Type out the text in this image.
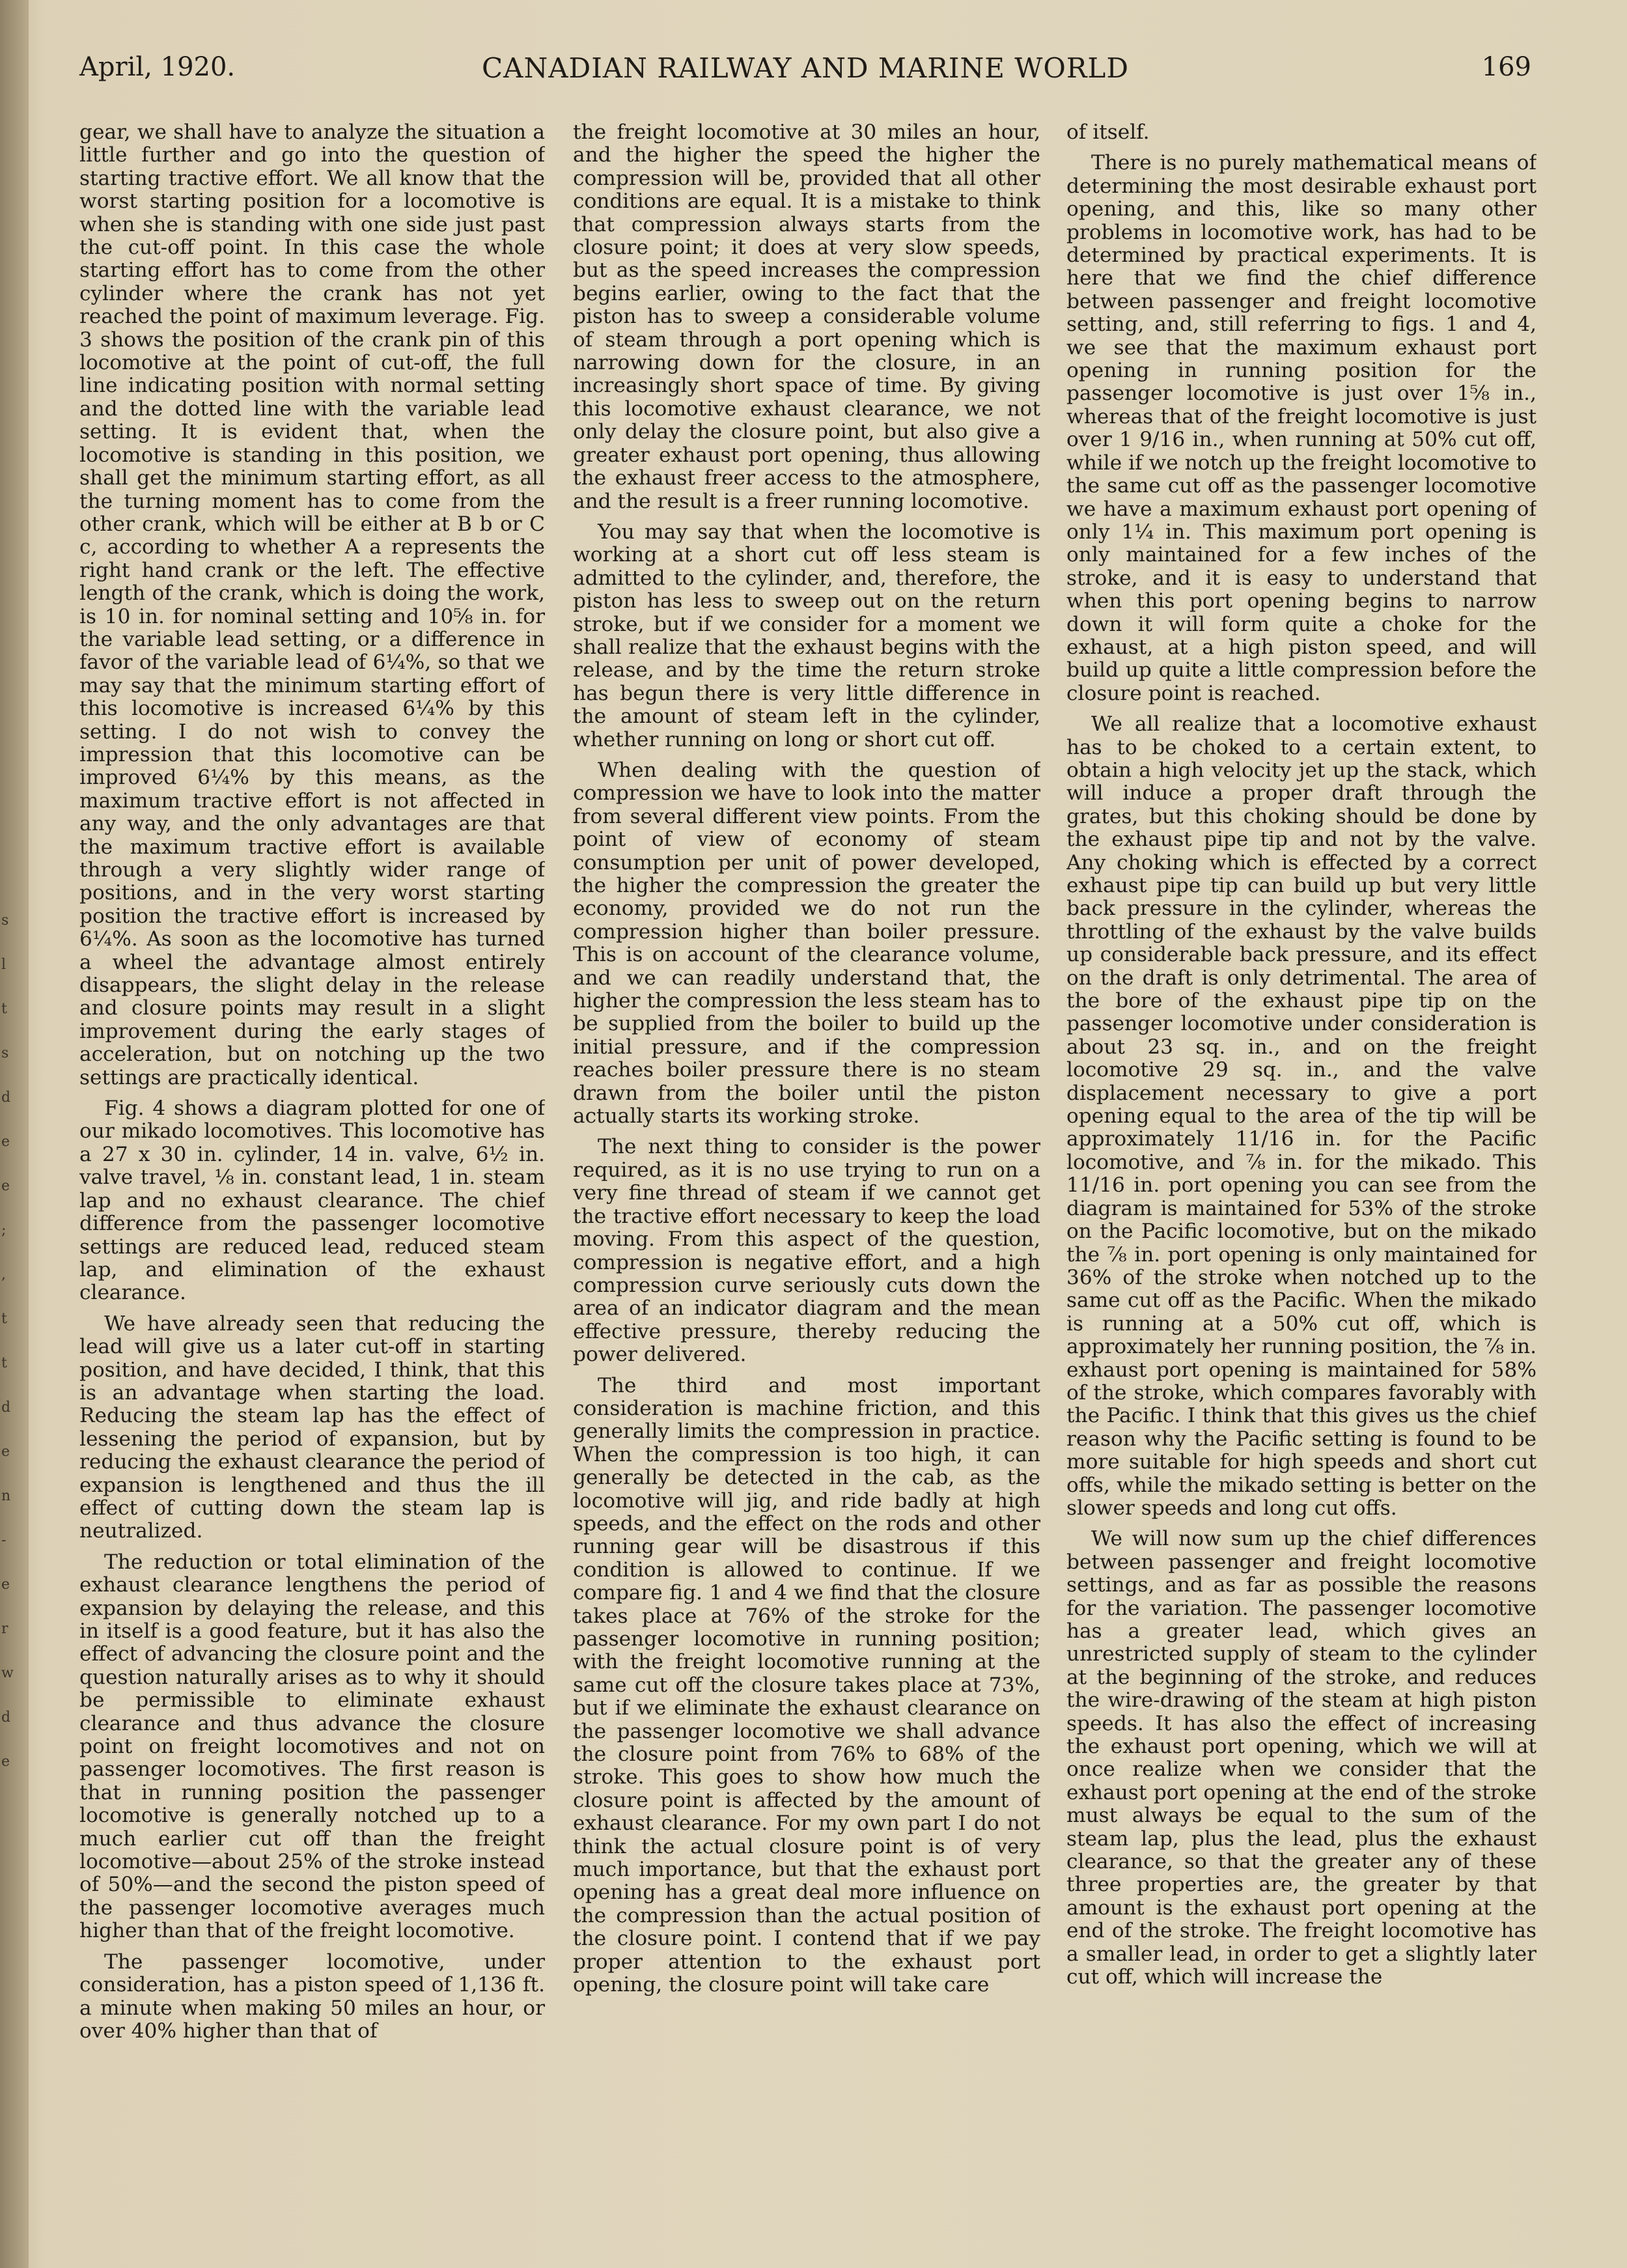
s l t s d e e ; , t t d e n - e r w d e
April, 1920.	CANADIAN RAILWAY AND MARINE WORLD	169

gear, we shall have to analyze the situation a little further and go into the question of starting tractive effort. We all know that the worst starting position for a locomotive is when she is standing with one side just past the cut-off point. In this case the whole starting effort has to come from the other cylinder where the crank has not yet reached the point of maximum leverage. Fig. 3 shows the position of the crank pin of this locomotive at the point of cut-off, the full line indicating position with normal setting and the dotted line with the variable lead setting. It is evident that, when the locomotive is standing in this position, we shall get the minimum starting effort, as all the turning moment has to come from the other crank, which will be either at B b or C c, according to whether A a represents the right hand crank or the left. The effective length of the crank, which is doing the work, is 10 in. for nominal setting and 10⅝ in. for the variable lead setting, or a difference in favor of the variable lead of 6¼%, so that we may say that the minimum starting effort of this locomotive is increased 6¼% by this setting. I do not wish to convey the impression that this locomotive can be improved 6¼% by this means, as the maximum tractive effort is not affected in any way, and the only advantages are that the maximum tractive effort is available through a very slightly wider range of positions, and in the very worst starting position the tractive effort is increased by 6¼%. As soon as the locomotive has turned a wheel the advantage almost entirely disappears, the slight delay in the release and closure points may result in a slight improvement during the early stages of acceleration, but on notching up the two settings are practically identical.

Fig. 4 shows a diagram plotted for one of our mikado locomotives. This locomotive has a 27 x 30 in. cylinder, 14 in. valve, 6½ in. valve travel, ⅛ in. constant lead, 1 in. steam lap and no exhaust clearance. The chief difference from the passenger locomotive settings are reduced lead, reduced steam lap, and elimination of the exhaust clearance.

We have already seen that reducing the lead will give us a later cut-off in starting position, and have decided, I think, that this is an advantage when starting the load. Reducing the steam lap has the effect of lessening the period of expansion, but by reducing the exhaust clearance the period of expansion is lengthened and thus the ill effect of cutting down the steam lap is neutralized.

The reduction or total elimination of the exhaust clearance lengthens the period of expansion by delaying the release, and this in itself is a good feature, but it has also the effect of advancing the closure point and the question naturally arises as to why it should be permissible to eliminate exhaust clearance and thus advance the closure point on freight locomotives and not on passenger locomotives. The first reason is that in running position the passenger locomotive is generally notched up to a much earlier cut off than the freight locomotive—about 25% of the stroke instead of 50%—and the second the piston speed of the passenger locomotive averages much higher than that of the freight locomotive.

The passenger locomotive, under consideration, has a piston speed of 1,136 ft. a minute when making 50 miles an hour, or over 40% higher than that of

the freight locomotive at 30 miles an hour, and the higher the speed the higher the compression will be, provided that all other conditions are equal. It is a mistake to think that compression always starts from the closure point; it does at very slow speeds, but as the speed increases the compression begins earlier, owing to the fact that the piston has to sweep a considerable volume of steam through a port opening which is narrowing down for the closure, in an increasingly short space of time. By giving this locomotive exhaust clearance, we not only delay the closure point, but also give a greater exhaust port opening, thus allowing the exhaust freer access to the atmosphere, and the result is a freer running locomotive.

You may say that when the locomotive is working at a short cut off less steam is admitted to the cylinder, and, therefore, the piston has less to sweep out on the return stroke, but if we consider for a moment we shall realize that the exhaust begins with the release, and by the time the return stroke has begun there is very little difference in the amount of steam left in the cylinder, whether running on long or short cut off.

When dealing with the question of compression we have to look into the matter from several different view points. From the point of view of economy of steam consumption per unit of power developed, the higher the compression the greater the economy, provided we do not run the compression higher than boiler pressure. This is on account of the clearance volume, and we can readily understand that, the higher the compression the less steam has to be supplied from the boiler to build up the initial pressure, and if the compression reaches boiler pressure there is no steam drawn from the boiler until the piston actually starts its working stroke.

The next thing to consider is the power required, as it is no use trying to run on a very fine thread of steam if we cannot get the tractive effort necessary to keep the load moving. From this aspect of the question, compression is negative effort, and a high compression curve seriously cuts down the area of an indicator diagram and the mean effective pressure, thereby reducing the power delivered.

The third and most important consideration is machine friction, and this generally limits the compression in practice. When the compression is too high, it can generally be detected in the cab, as the locomotive will jig, and ride badly at high speeds, and the effect on the rods and other running gear will be disastrous if this condition is allowed to continue. If we compare fig. 1 and 4 we find that the closure takes place at 76% of the stroke for the passenger locomotive in running position; with the freight locomotive running at the same cut off the closure takes place at 73%, but if we eliminate the exhaust clearance on the passenger locomotive we shall advance the closure point from 76% to 68% of the stroke. This goes to show how much the closure point is affected by the amount of exhaust clearance. For my own part I do not think the actual closure point is of very much importance, but that the exhaust port opening has a great deal more influence on the compression than the actual position of the closure point. I contend that if we pay proper attention to the exhaust port opening, the closure point will take care

of itself.

There is no purely mathematical means of determining the most desirable exhaust port opening, and this, like so many other problems in locomotive work, has had to be determined by practical experiments. It is here that we find the chief difference between passenger and freight locomotive setting, and, still referring to figs. 1 and 4, we see that the maximum exhaust port opening in running position for the passenger locomotive is just over 1⅝ in., whereas that of the freight locomotive is just over 1 9/16 in., when running at 50% cut off, while if we notch up the freight locomotive to the same cut off as the passenger locomotive we have a maximum exhaust port opening of only 1¼ in. This maximum port opening is only maintained for a few inches of the stroke, and it is easy to understand that when this port opening begins to narrow down it will form quite a choke for the exhaust, at a high piston speed, and will build up quite a little compression before the closure point is reached.

We all realize that a locomotive exhaust has to be choked to a certain extent, to obtain a high velocity jet up the stack, which will induce a proper draft through the grates, but this choking should be done by the exhaust pipe tip and not by the valve. Any choking which is effected by a correct exhaust pipe tip can build up but very little back pressure in the cylinder, whereas the throttling of the exhaust by the valve builds up considerable back pressure, and its effect on the draft is only detrimental. The area of the bore of the exhaust pipe tip on the passenger locomotive under consideration is about 23 sq. in., and on the freight locomotive 29 sq. in., and the valve displacement necessary to give a port opening equal to the area of the tip will be approximately 11/16 in. for the Pacific locomotive, and ⅞ in. for the mikado. This 11/16 in. port opening you can see from the diagram is maintained for 53% of the stroke on the Pacific locomotive, but on the mikado the ⅞ in. port opening is only maintained for 36% of the stroke when notched up to the same cut off as the Pacific. When the mikado is running at a 50% cut off, which is approximately her running position, the ⅞ in. exhaust port opening is maintained for 58% of the stroke, which compares favorably with the Pacific. I think that this gives us the chief reason why the Pacific setting is found to be more suitable for high speeds and short cut offs, while the mikado setting is better on the slower speeds and long cut offs.

We will now sum up the chief differences between passenger and freight locomotive settings, and as far as possible the reasons for the variation. The passenger locomotive has a greater lead, which gives an unrestricted supply of steam to the cylinder at the beginning of the stroke, and reduces the wire-drawing of the steam at high piston speeds. It has also the effect of increasing the exhaust port opening, which we will at once realize when we consider that the exhaust port opening at the end of the stroke must always be equal to the sum of the steam lap, plus the lead, plus the exhaust clearance, so that the greater any of these three properties are, the greater by that amount is the exhaust port opening at the end of the stroke. The freight locomotive has a smaller lead, in order to get a slightly later cut off, which will increase the
